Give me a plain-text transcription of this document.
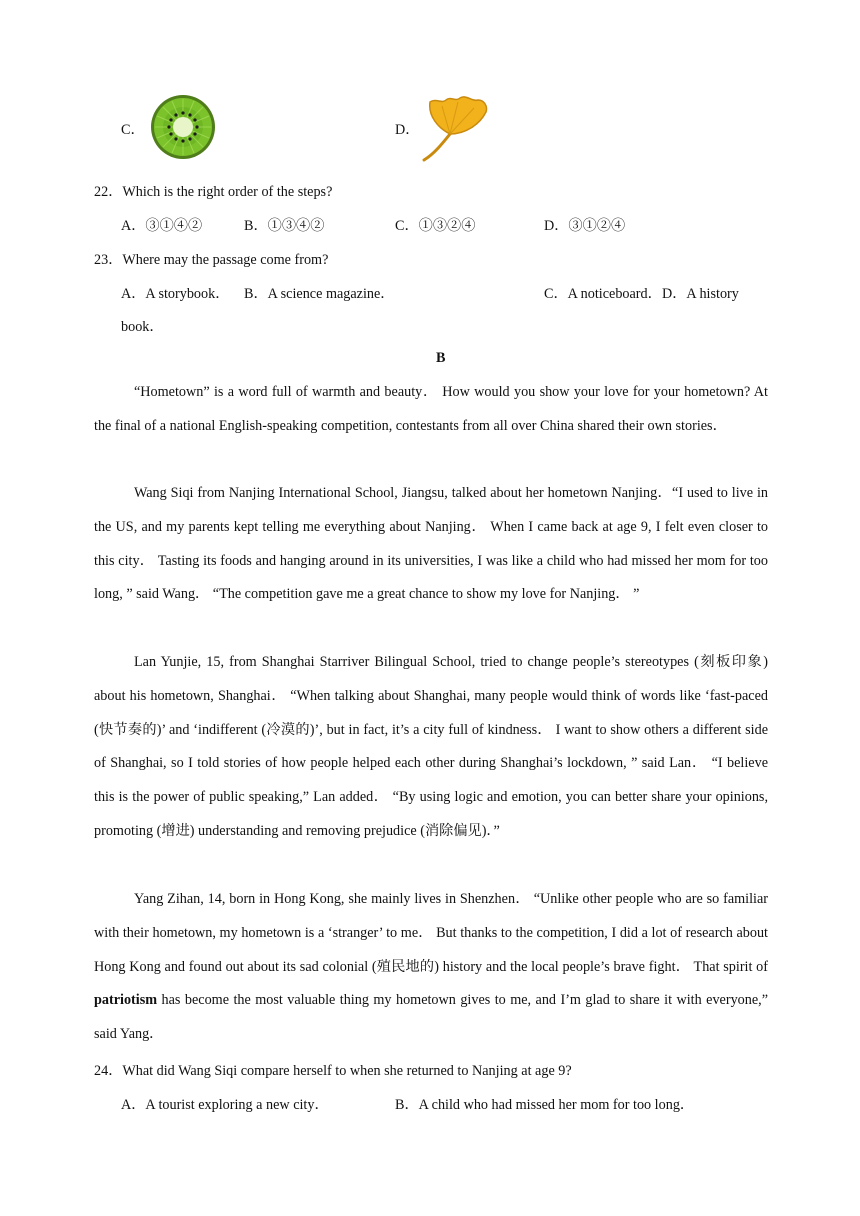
C．	D．
22．Which is the right order of the steps?
A．③①④②	B．①③④②	C．①③②④	D．③①②④
23．Where may the passage come from?
A．A storybook． B．A science magazine．	C．A noticeboard． D．A history
book．
B

“Hometown” is a word full of warmth and beauty． How would you show your love for your hometown? At the final of a national English-speaking competition, contestants from all over China shared their own stories．

Wang Siqi from Nanjing International School, Jiangsu, talked about her hometown Nanjing．“I used to live in the US, and my parents kept telling me everything about Nanjing． When I came back at age 9, I felt even closer to this city． Tasting its foods and hanging around in its universities, I was like a child who had missed her mom for too long, ” said Wang． “The competition gave me a great chance to show my love for Nanjing． ”

Lan Yunjie, 15, from Shanghai Starriver Bilingual School, tried to change people’s stereotypes (刻板印象) about his hometown, Shanghai． “When talking about Shanghai, many people would think of words like ‘fast-paced (快节奏的)’ and ‘indifferent (冷漠的)’, but in fact, it’s a city full of kindness． I want to show others a different side of Shanghai, so I told stories of how people helped each other during Shanghai’s lockdown, ” said Lan． “I believe this is the power of public speaking,” Lan added． “By using logic and emotion, you can better share your opinions, promoting (增进) understanding and removing prejudice (消除偏见)．”

Yang Zihan, 14, born in Hong Kong, she mainly lives in Shenzhen． “Unlike other people who are so familiar with their hometown, my hometown is a ‘stranger’ to me． But thanks to the competition, I did a lot of research about Hong Kong and found out about its sad colonial (殖民地的) history and the local people’s brave fight． That spirit of patriotism has become the most valuable thing my hometown gives to me, and I’m glad to share it with everyone,” said Yang．

24．What did Wang Siqi compare herself to when she returned to Nanjing at age 9?
A．A tourist exploring a new city．	B．A child who had missed her mom for too long．
